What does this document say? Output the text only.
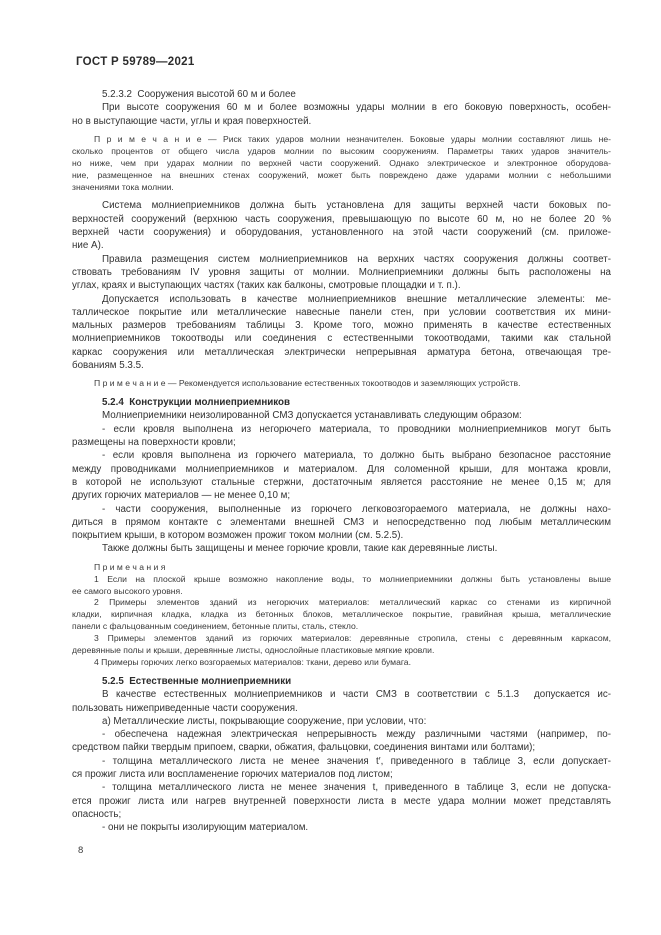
ГОСТ Р 59789—2021
5.2.3.2  Сооружения высотой 60 м и более
При высоте сооружения 60 м и более возможны удары молнии в его боковую поверхность, особен-
но в выступающие части, углы и края поверхностей.
П р и м е ч а н и е — Риск таких ударов молнии незначителен. Боковые удары молнии составляют лишь не-
сколько процентов от общего числа ударов молнии по высоким сооружениям. Параметры таких ударов значитель-
но ниже, чем при ударах молнии по верхней части сооружений. Однако электрическое и электронное оборудова-
ние, размещенное на внешних стенах сооружений, может быть повреждено даже ударами молнии с небольшими
значениями тока молнии.
Система молниеприемников должна быть установлена для защиты верхней части боковых по-
верхностей сооружений (верхнюю часть сооружения, превышающую по высоте 60 м, но не более 20 %
верхней части сооружения) и оборудования, установленного на этой части сооружений (см. приложе-
ние А).
Правила размещения систем молниеприемников на верхних частях сооружения должны соответ-
ствовать требованиям IV уровня защиты от молнии. Молниеприемники должны быть расположены на
углах, краях и выступающих частях (таких как балконы, смотровые площадки и т. п.).
Допускается использовать в качестве молниеприемников внешние металлические элементы: ме-
таллическое покрытие или металлические навесные панели стен, при условии соответствия их мини-
мальных размеров требованиям таблицы 3. Кроме того, можно применять в качестве естественных
молниеприемников токоотводы или соединения с естественными токоотводами, такими как стальной
каркас сооружения или металлическая электрически непрерывная арматура бетона, отвечающая тре-
бованиям 5.3.5.
П р и м е ч а н и е — Рекомендуется использование естественных токоотводов и заземляющих устройств.
5.2.4  Конструкции молниеприемников
Молниеприемники неизолированной СМЗ допускается устанавливать следующим образом:
- если кровля выполнена из негорючего материала, то проводники молниеприемников могут быть
размещены на поверхности кровли;
- если кровля выполнена из горючего материала, то должно быть выбрано безопасное расстояние
между проводниками молниеприемников и материалом. Для соломенной крыши, для монтажа кровли,
в которой не используют стальные стержни, достаточным является расстояние не менее 0,15 м; для
других горючих материалов — не менее 0,10 м;
- части сооружения, выполненные из горючего легковозгораемого материала, не должны нахо-
диться в прямом контакте с элементами внешней СМЗ и непосредственно под любым металлическим
покрытием крыши, в котором возможен прожиг током молнии (см. 5.2.5).
Также должны быть защищены и менее горючие кровли, такие как деревянные листы.
П р и м е ч а н и я
1 Если на плоской крыше возможно накопление воды, то молниеприемники должны быть установлены выше
ее самого высокого уровня.
2 Примеры элементов зданий из негорючих материалов: металлический каркас со стенами из кирпичной
кладки, кирпичная кладка, кладка из бетонных блоков, металлическое покрытие, гравийная крыша, металлические
панели с фальцованным соединением, бетонные плиты, сталь, стекло.
3 Примеры элементов зданий из горючих материалов: деревянные стропила, стены с деревянным каркасом,
деревянные полы и крыши, деревянные листы, однослойные пластиковые мягкие кровли.
4 Примеры горючих легко возгораемых материалов: ткани, дерево или бумага.
5.2.5  Естественные молниеприемники
В качестве естественных молниеприемников и части СМЗ в соответствии с 5.1.3  допускается ис-
пользовать нижеприведенные части сооружения.
а) Металлические листы, покрывающие сооружение, при условии, что:
- обеспечена надежная электрическая непрерывность между различными частями (например, по-
средством пайки твердым припоем, сварки, обжатия, фальцовки, соединения винтами или болтами);
- толщина металлического листа не менее значения t′, приведенного в таблице 3, если допускает-
ся прожиг листа или воспламенение горючих материалов под листом;
- толщина металлического листа не менее значения t, приведенного в таблице 3, если не допуска-
ется прожиг листа или нагрев внутренней поверхности листа в месте удара молнии может представлять
опасность;
- они не покрыты изолирующим материалом.
8
